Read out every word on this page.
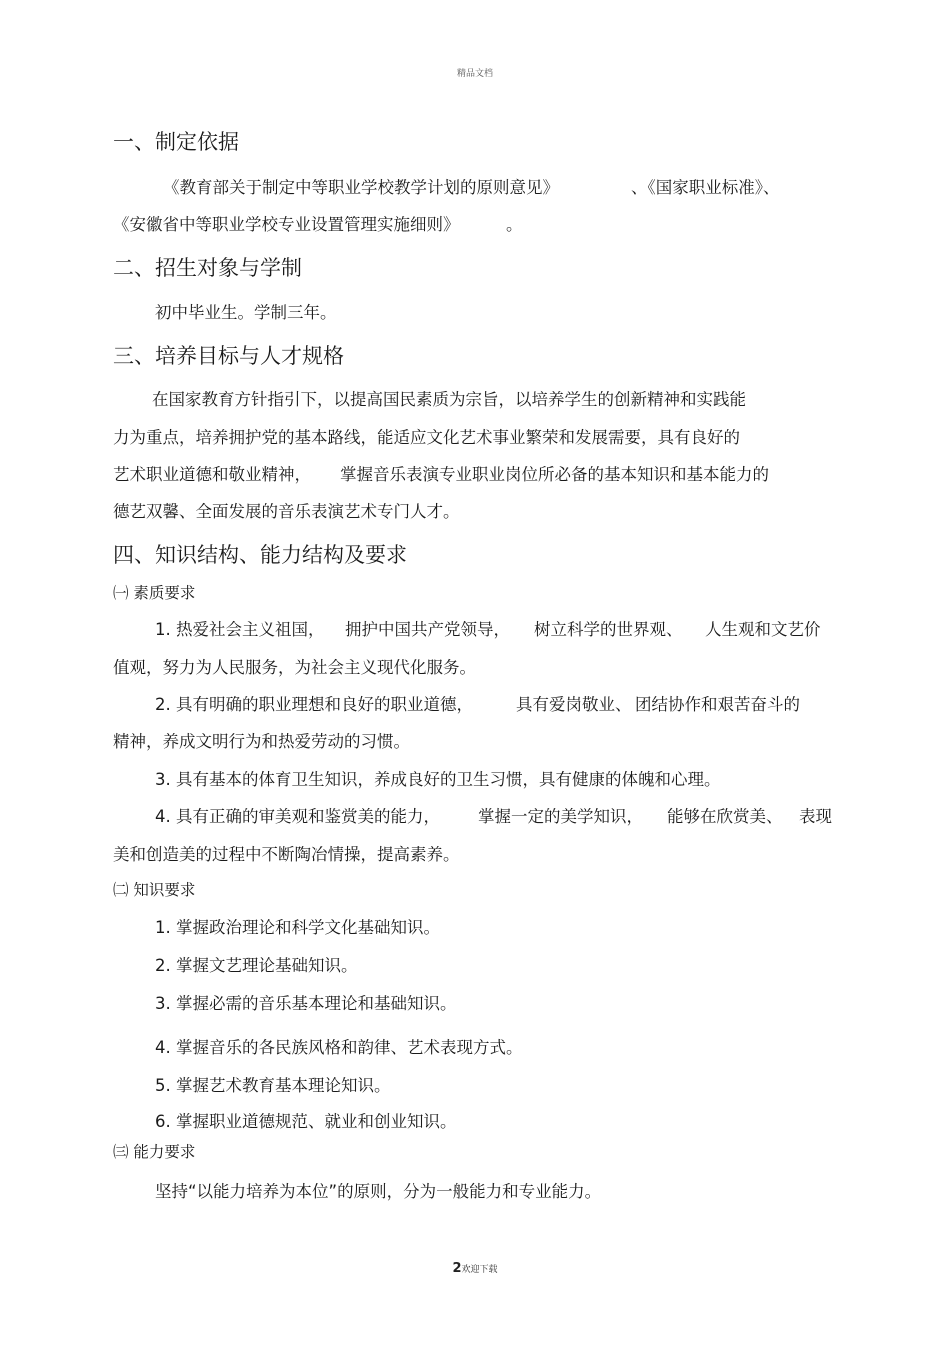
精品文档
一、制定依据
《教育部关于制定中等职业学校教学计划的原则意见》	、《国家职业标准》、
《安徽省中等职业学校专业设置管理实施细则》	。
二、招生对象与学制
初中毕业生。学制三年。
三、培养目标与人才规格
在国家教育方针指引下，以提高国民素质为宗旨，以培养学生的创新精神和实践能
力为重点，培养拥护党的基本路线，能适应文化艺术事业繁荣和发展需要，具有良好的
艺术职业道德和敬业精神， 掌握音乐表演专业职业岗位所必备的基本知识和基本能力的
德艺双馨、全面发展的音乐表演艺术专门人才。
四、知识结构、能力结构及要求
㈠ 素质要求
1. 热爱社会主义祖国， 拥护中国共产党领导， 树立科学的世界观、 人生观和文艺价
值观，努力为人民服务，为社会主义现代化服务。
2. 具有明确的职业理想和良好的职业道德，	具有爱岗敬业、 团结协作和艰苦奋斗的
精神，养成文明行为和热爱劳动的习惯。
3. 具有基本的体育卫生知识，养成良好的卫生习惯，具有健康的体魄和心理。
4. 具有正确的审美观和鉴赏美的能力， 掌握一定的美学知识， 能够在欣赏美、 表现
美和创造美的过程中不断陶冶情操，提高素养。
㈡ 知识要求
1. 掌握政治理论和科学文化基础知识。
2. 掌握文艺理论基础知识。
3. 掌握必需的音乐基本理论和基础知识。
4. 掌握音乐的各民族风格和韵律、艺术表现方式。
5. 掌握艺术教育基本理论知识。
6. 掌握职业道德规范、就业和创业知识。
㈢ 能力要求
坚持“以能力培养为本位”的原则，分为一般能力和专业能力。
2欢迎下载
